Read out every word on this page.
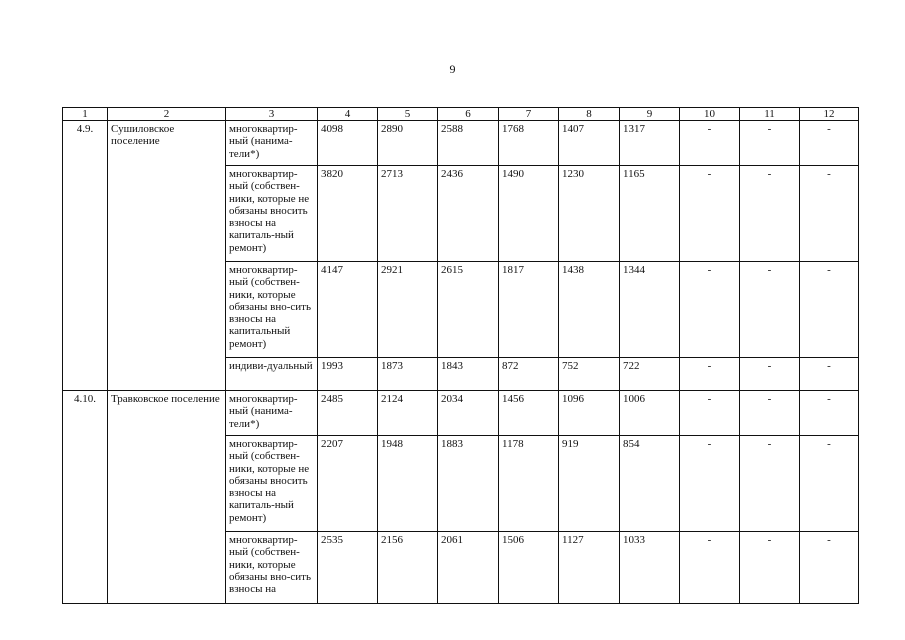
9
1	2	3	4	5	6	7	8	9	10	11	12
4.9.	Сушиловское поселение	многоквартир-ный (нанима-тели*)	4098	2890	2588	1768	1407	1317	-	-	-
		многоквартир-ный (собствен-ники, которые не обязаны вносить взносы на капиталь-ный ремонт)	3820	2713	2436	1490	1230	1165	-	-	-
		многоквартир-ный (собствен-ники, которые обязаны вно-сить взносы на капитальный ремонт)	4147	2921	2615	1817	1438	1344	-	-	-
		индиви-дуальный	1993	1873	1843	872	752	722	-	-	-
4.10.	Травковское поселение	многоквартир-ный (нанима-тели*)	2485	2124	2034	1456	1096	1006	-	-	-
		многоквартир-ный (собствен-ники, которые не обязаны вносить взносы на капиталь-ный ремонт)	2207	1948	1883	1178	919	854	-	-	-
		многоквартир-ный (собствен-ники, которые обязаны вно-сить взносы на	2535	2156	2061	1506	1127	1033	-	-	-
